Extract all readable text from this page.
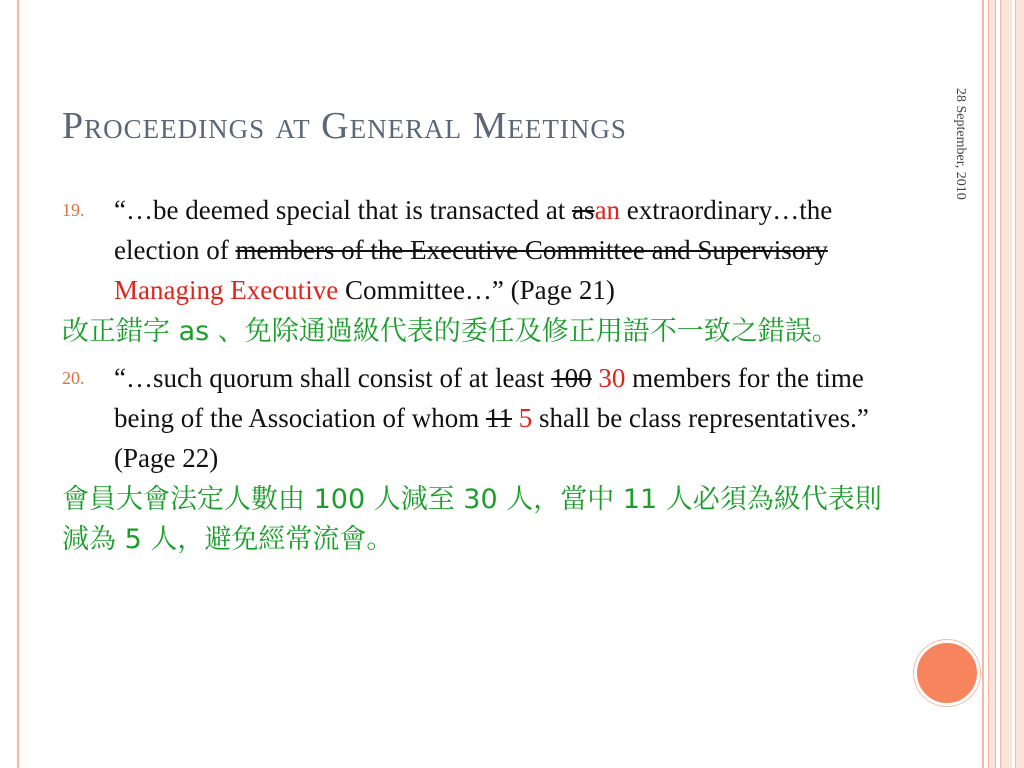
28 September, 2010
Proceedings at General Meetings
19. “…be deemed special that is transacted at asan extraordinary…the election of members of the Executive Committee and Supervisory Managing Executive Committee…” (Page 21)
改正錯字 as 、免除通過級代表的委任及修正用語不一致之錯誤。
20. “…such quorum shall consist of at least 100 30 members for the time being of the Association of whom 11 5 shall be class representatives.” (Page 22)
會員大會法定人數由 100 人減至 30 人，當中 11 人必須為級代表則減為 5 人，避免經常流會。
